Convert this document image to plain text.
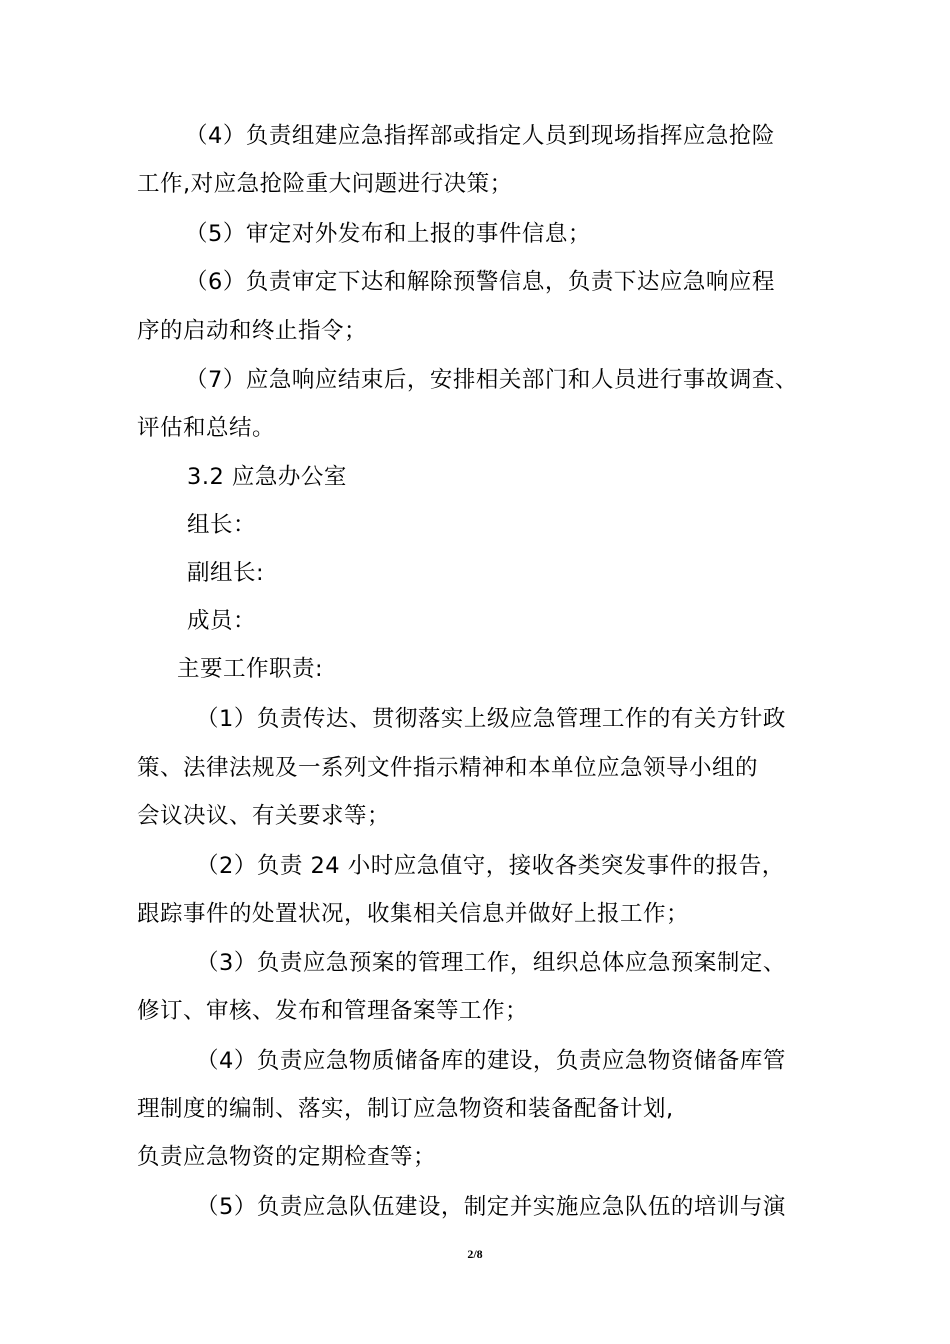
（4）负责组建应急指挥部或指定人员到现场指挥应急抢险
工作,对应急抢险重大问题进行决策；
（5）审定对外发布和上报的事件信息；
（6）负责审定下达和解除预警信息，负责下达应急响应程
序的启动和终止指令；
（7）应急响应结束后，安排相关部门和人员进行事故调查、
评估和总结。
3.2 应急办公室
组长：
副组长:
成员：
主要工作职责:
（1）负责传达、贯彻落实上级应急管理工作的有关方针政
策、法律法规及一系列文件指示精神和本单位应急领导小组的
会议决议、有关要求等；
（2）负责 24 小时应急值守，接收各类突发事件的报告，
跟踪事件的处置状况，收集相关信息并做好上报工作；
（3）负责应急预案的管理工作，组织总体应急预案制定、
修订、审核、发布和管理备案等工作；
（4）负责应急物质储备库的建设，负责应急物资储备库管
理制度的编制、落实，制订应急物资和装备配备计划,
负责应急物资的定期检查等；
（5）负责应急队伍建设，制定并实施应急队伍的培训与演
2/8
